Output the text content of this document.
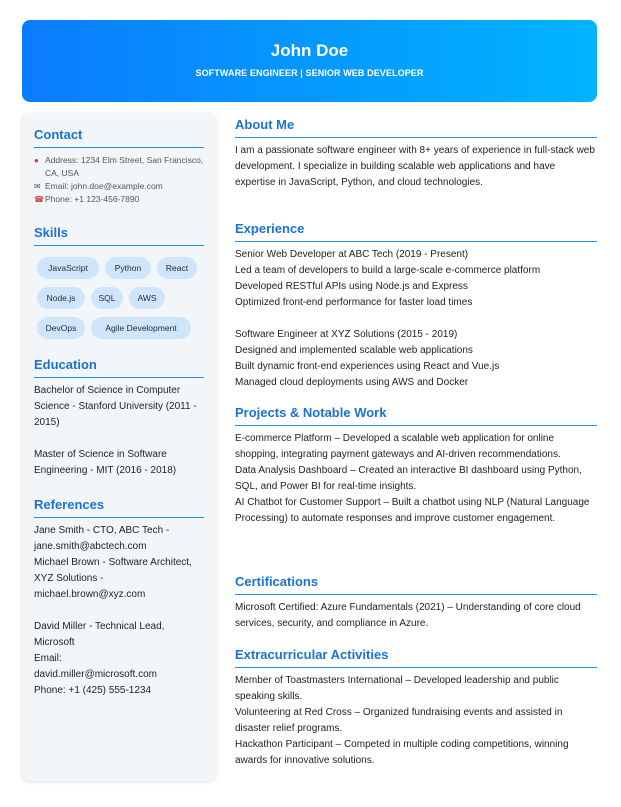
John Doe
SOFTWARE ENGINEER | SENIOR WEB DEVELOPER
Contact
● Address: 1234 Elm Street, San Francisco, CA, USA
✉ Email: john.doe@example.com
☎ Phone: +1 123-456-7890
Skills
JavaScript	Python	React
Node.js	SQL	AWS
DevOps	Agile Development
Education
Bachelor of Science in Computer Science - Stanford University (2011 - 2015)
Master of Science in Software Engineering - MIT (2016 - 2018)
References
Jane Smith - CTO, ABC Tech - jane.smith@abctech.com
Michael Brown - Software Architect, XYZ Solutions - michael.brown@xyz.com
David Miller - Technical Lead, Microsoft
Email:
david.miller@microsoft.com
Phone: +1 (425) 555-1234
About Me
I am a passionate software engineer with 8+ years of experience in full-stack web development. I specialize in building scalable web applications and have expertise in JavaScript, Python, and cloud technologies.
Experience
Senior Web Developer at ABC Tech (2019 - Present)
Led a team of developers to build a large-scale e-commerce platform
Developed RESTful APIs using Node.js and Express
Optimized front-end performance for faster load times
Software Engineer at XYZ Solutions (2015 - 2019)
Designed and implemented scalable web applications
Built dynamic front-end experiences using React and Vue.js
Managed cloud deployments using AWS and Docker
Projects & Notable Work
E-commerce Platform – Developed a scalable web application for online shopping, integrating payment gateways and AI-driven recommendations.
Data Analysis Dashboard – Created an interactive BI dashboard using Python, SQL, and Power BI for real-time insights.
AI Chatbot for Customer Support – Built a chatbot using NLP (Natural Language Processing) to automate responses and improve customer engagement.
Certifications
Microsoft Certified: Azure Fundamentals (2021) – Understanding of core cloud services, security, and compliance in Azure.
Extracurricular Activities
Member of Toastmasters International – Developed leadership and public speaking skills.
Volunteering at Red Cross – Organized fundraising events and assisted in disaster relief programs.
Hackathon Participant – Competed in multiple coding competitions, winning awards for innovative solutions.
